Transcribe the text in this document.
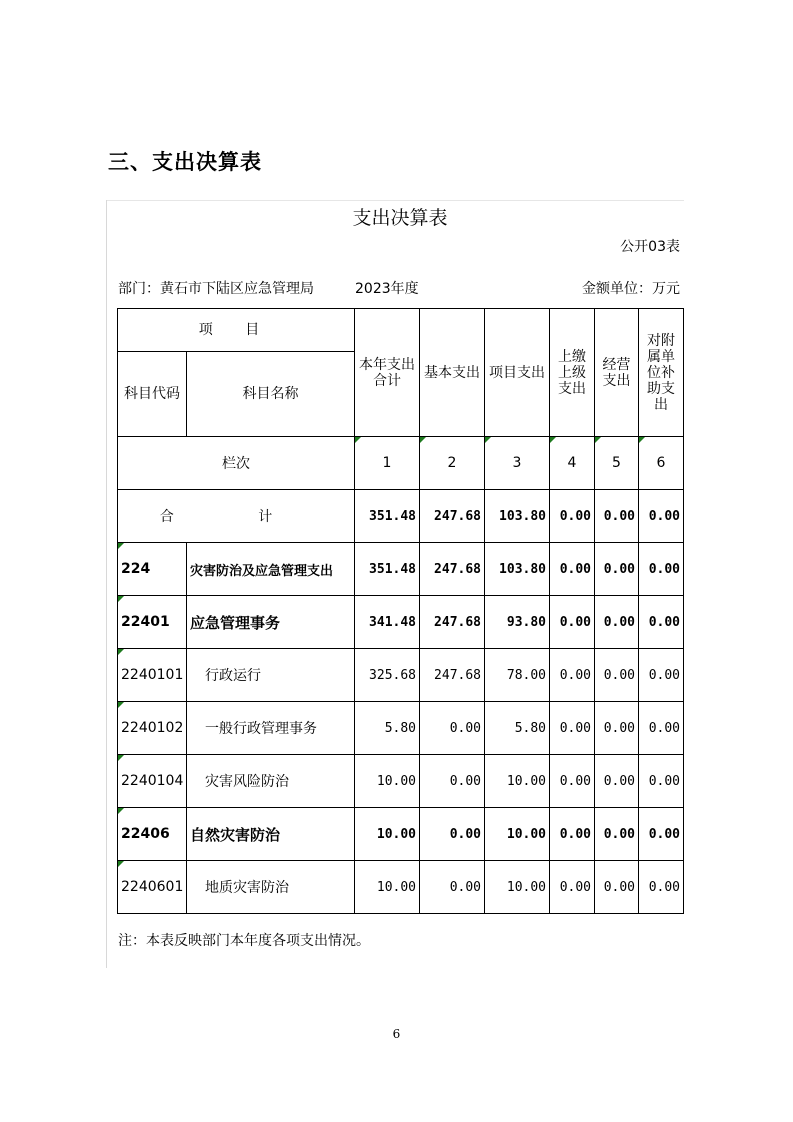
三、支出决算表
支出决算表
公开03表
部门：黄石市下陆区应急管理局	2023年度	金额单位：万元
项 目		本年支出合计	基本支出	项目支出	上缴上级支出	经营支出	对附属单位补助支出
科目代码	科目名称						
栏次		1	2	3	4	5	6
合 计		351.48	247.68	103.80	0.00	0.00	0.00
224	灾害防治及应急管理支出	351.48	247.68	103.80	0.00	0.00	0.00
22401	应急管理事务	341.48	247.68	93.80	0.00	0.00	0.00
2240101	行政运行	325.68	247.68	78.00	0.00	0.00	0.00
2240102	一般行政管理事务	5.80	0.00	5.80	0.00	0.00	0.00
2240104	灾害风险防治	10.00	0.00	10.00	0.00	0.00	0.00
22406	自然灾害防治	10.00	0.00	10.00	0.00	0.00	0.00
2240601	地质灾害防治	10.00	0.00	10.00	0.00	0.00	0.00
注：本表反映部门本年度各项支出情况。
6
